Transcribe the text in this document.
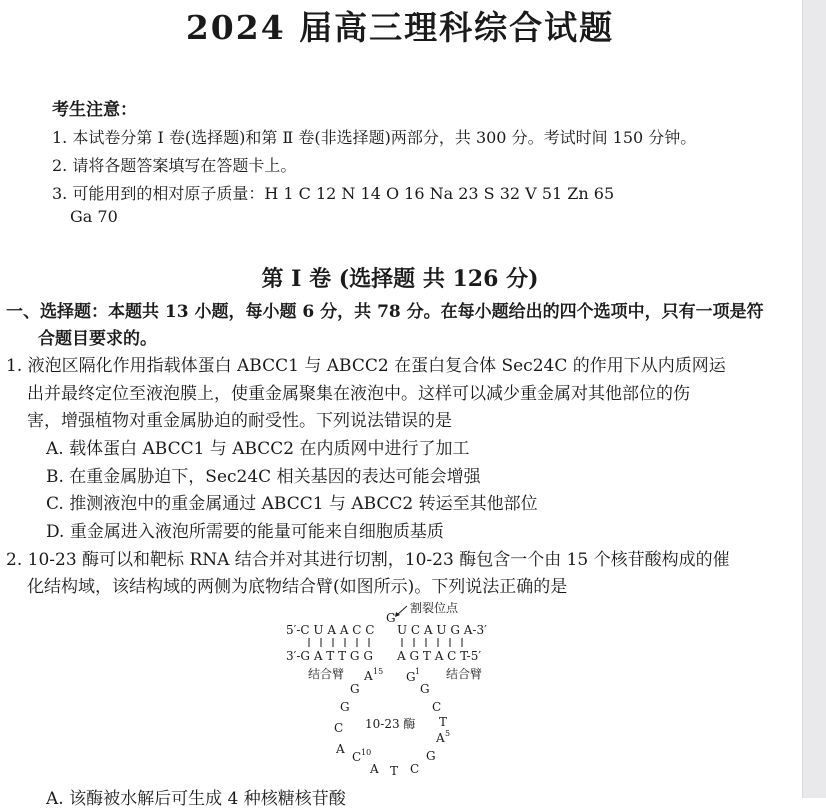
2024 届高三理科综合试题
考生注意：
1. 本试卷分第 Ⅰ 卷(选择题)和第 Ⅱ 卷(非选择题)两部分，共 300 分。考试时间 150 分钟。
2. 请将各题答案填写在答题卡上。
3. 可能用到的相对原子质量：H 1 C 12 N 14 O 16 Na 23 S 32 V 51 Zn 65
Ga 70
第 Ⅰ 卷 (选择题 共 126 分)
一、选择题：本题共 13 小题，每小题 6 分，共 78 分。在每小题给出的四个选项中，只有一项是符
合题目要求的。
1. 液泡区隔化作用指载体蛋白 ABCC1 与 ABCC2 在蛋白复合体 Sec24C 的作用下从内质网运
出并最终定位至液泡膜上，使重金属聚集在液泡中。这样可以减少重金属对其他部位的伤
害，增强植物对重金属胁迫的耐受性。下列说法错误的是
A. 载体蛋白 ABCC1 与 ABCC2 在内质网中进行了加工
B. 在重金属胁迫下，Sec24C 相关基因的表达可能会增强
C. 推测液泡中的重金属通过 ABCC1 与 ABCC2 转运至其他部位
D. 重金属进入液泡所需要的能量可能来自细胞质基质
2. 10-23 酶可以和靶标 RNA 结合并对其进行切割，10-23 酶包含一个由 15 个核苷酸构成的催
化结构域，该结构域的两侧为底物结合臂(如图所示)。下列说法正确的是
割裂位点
G
5′-C U A A C C U C A U G A-3′
3′-G A T T G G A G T A C T-5′
结合臂	结合臂
A 15 G 1
G
G
C
A
G
C
T
A 5
10-23 酶
C 10
A T C
G
A. 该酶被水解后可生成 4 种核糖核苷酸
